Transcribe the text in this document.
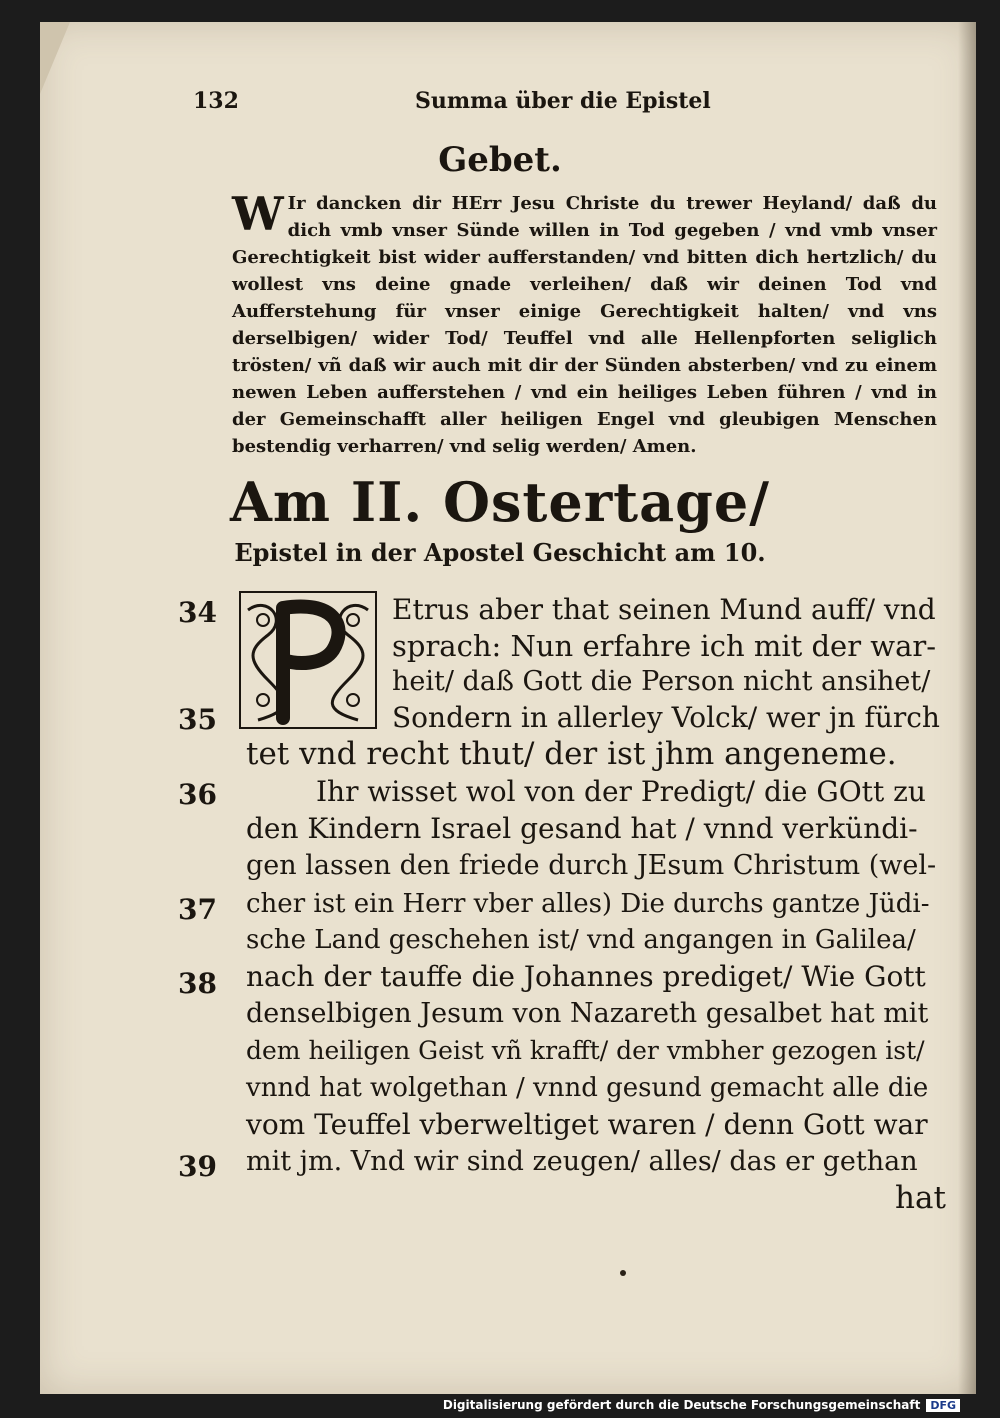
132	Summa über die Epistel
Gebet.
W Ir dancken dir HErr Jesu Christe du trewer Heyland/ daß du dich vmb vnser Sünde willen in Tod gegeben / vnd vmb vnser Gerechtigkeit bist wider aufferstanden/ vnd bitten dich hertzlich/ du wollest vns deine gnade verleihen/ daß wir deinen Tod vnd Aufferstehung für vnser einige Gerechtigkeit halten/ vnd vns derselbigen/ wider Tod/ Teuffel vnd alle Hellenpforten seliglich trösten/ vñ daß wir auch mit dir der Sünden absterben/ vnd zu einem newen Leben aufferstehen / vnd ein heiliges Leben führen / vnd in der Gemeinschafft aller heiligen Engel vnd gleubigen Menschen bestendig verharren/ vnd selig werden/ Amen.
Am II. Ostertage/
Epistel in der Apostel Geschicht am 10.
34
35
36
37
38
39
Etrus aber that seinen Mund auff/ vnd
sprach: Nun erfahre ich mit der war-
heit/ daß Gott die Person nicht ansihet/
Sondern in allerley Volck/ wer jn fürch
tet vnd recht thut/ der ist jhm angeneme.
Ihr wisset wol von der Predigt/ die GOtt zu
den Kindern Israel gesand hat / vnnd verkündi-
gen lassen den friede durch JEsum Christum (wel-
cher ist ein Herr vber alles) Die durchs gantze Jüdi-
sche Land geschehen ist/ vnd angangen in Galilea/
nach der tauffe die Johannes prediget/ Wie Gott
denselbigen Jesum von Nazareth gesalbet hat mit
dem heiligen Geist vñ krafft/ der vmbher gezogen ist/
vnnd hat wolgethan / vnnd gesund gemacht alle die
vom Teuffel vberweltiget waren / denn Gott war
mit jm. Vnd wir sind zeugen/ alles/ das er gethan
hat
Digitalisierung gefördert durch die Deutsche Forschungsgemeinschaft DFG
